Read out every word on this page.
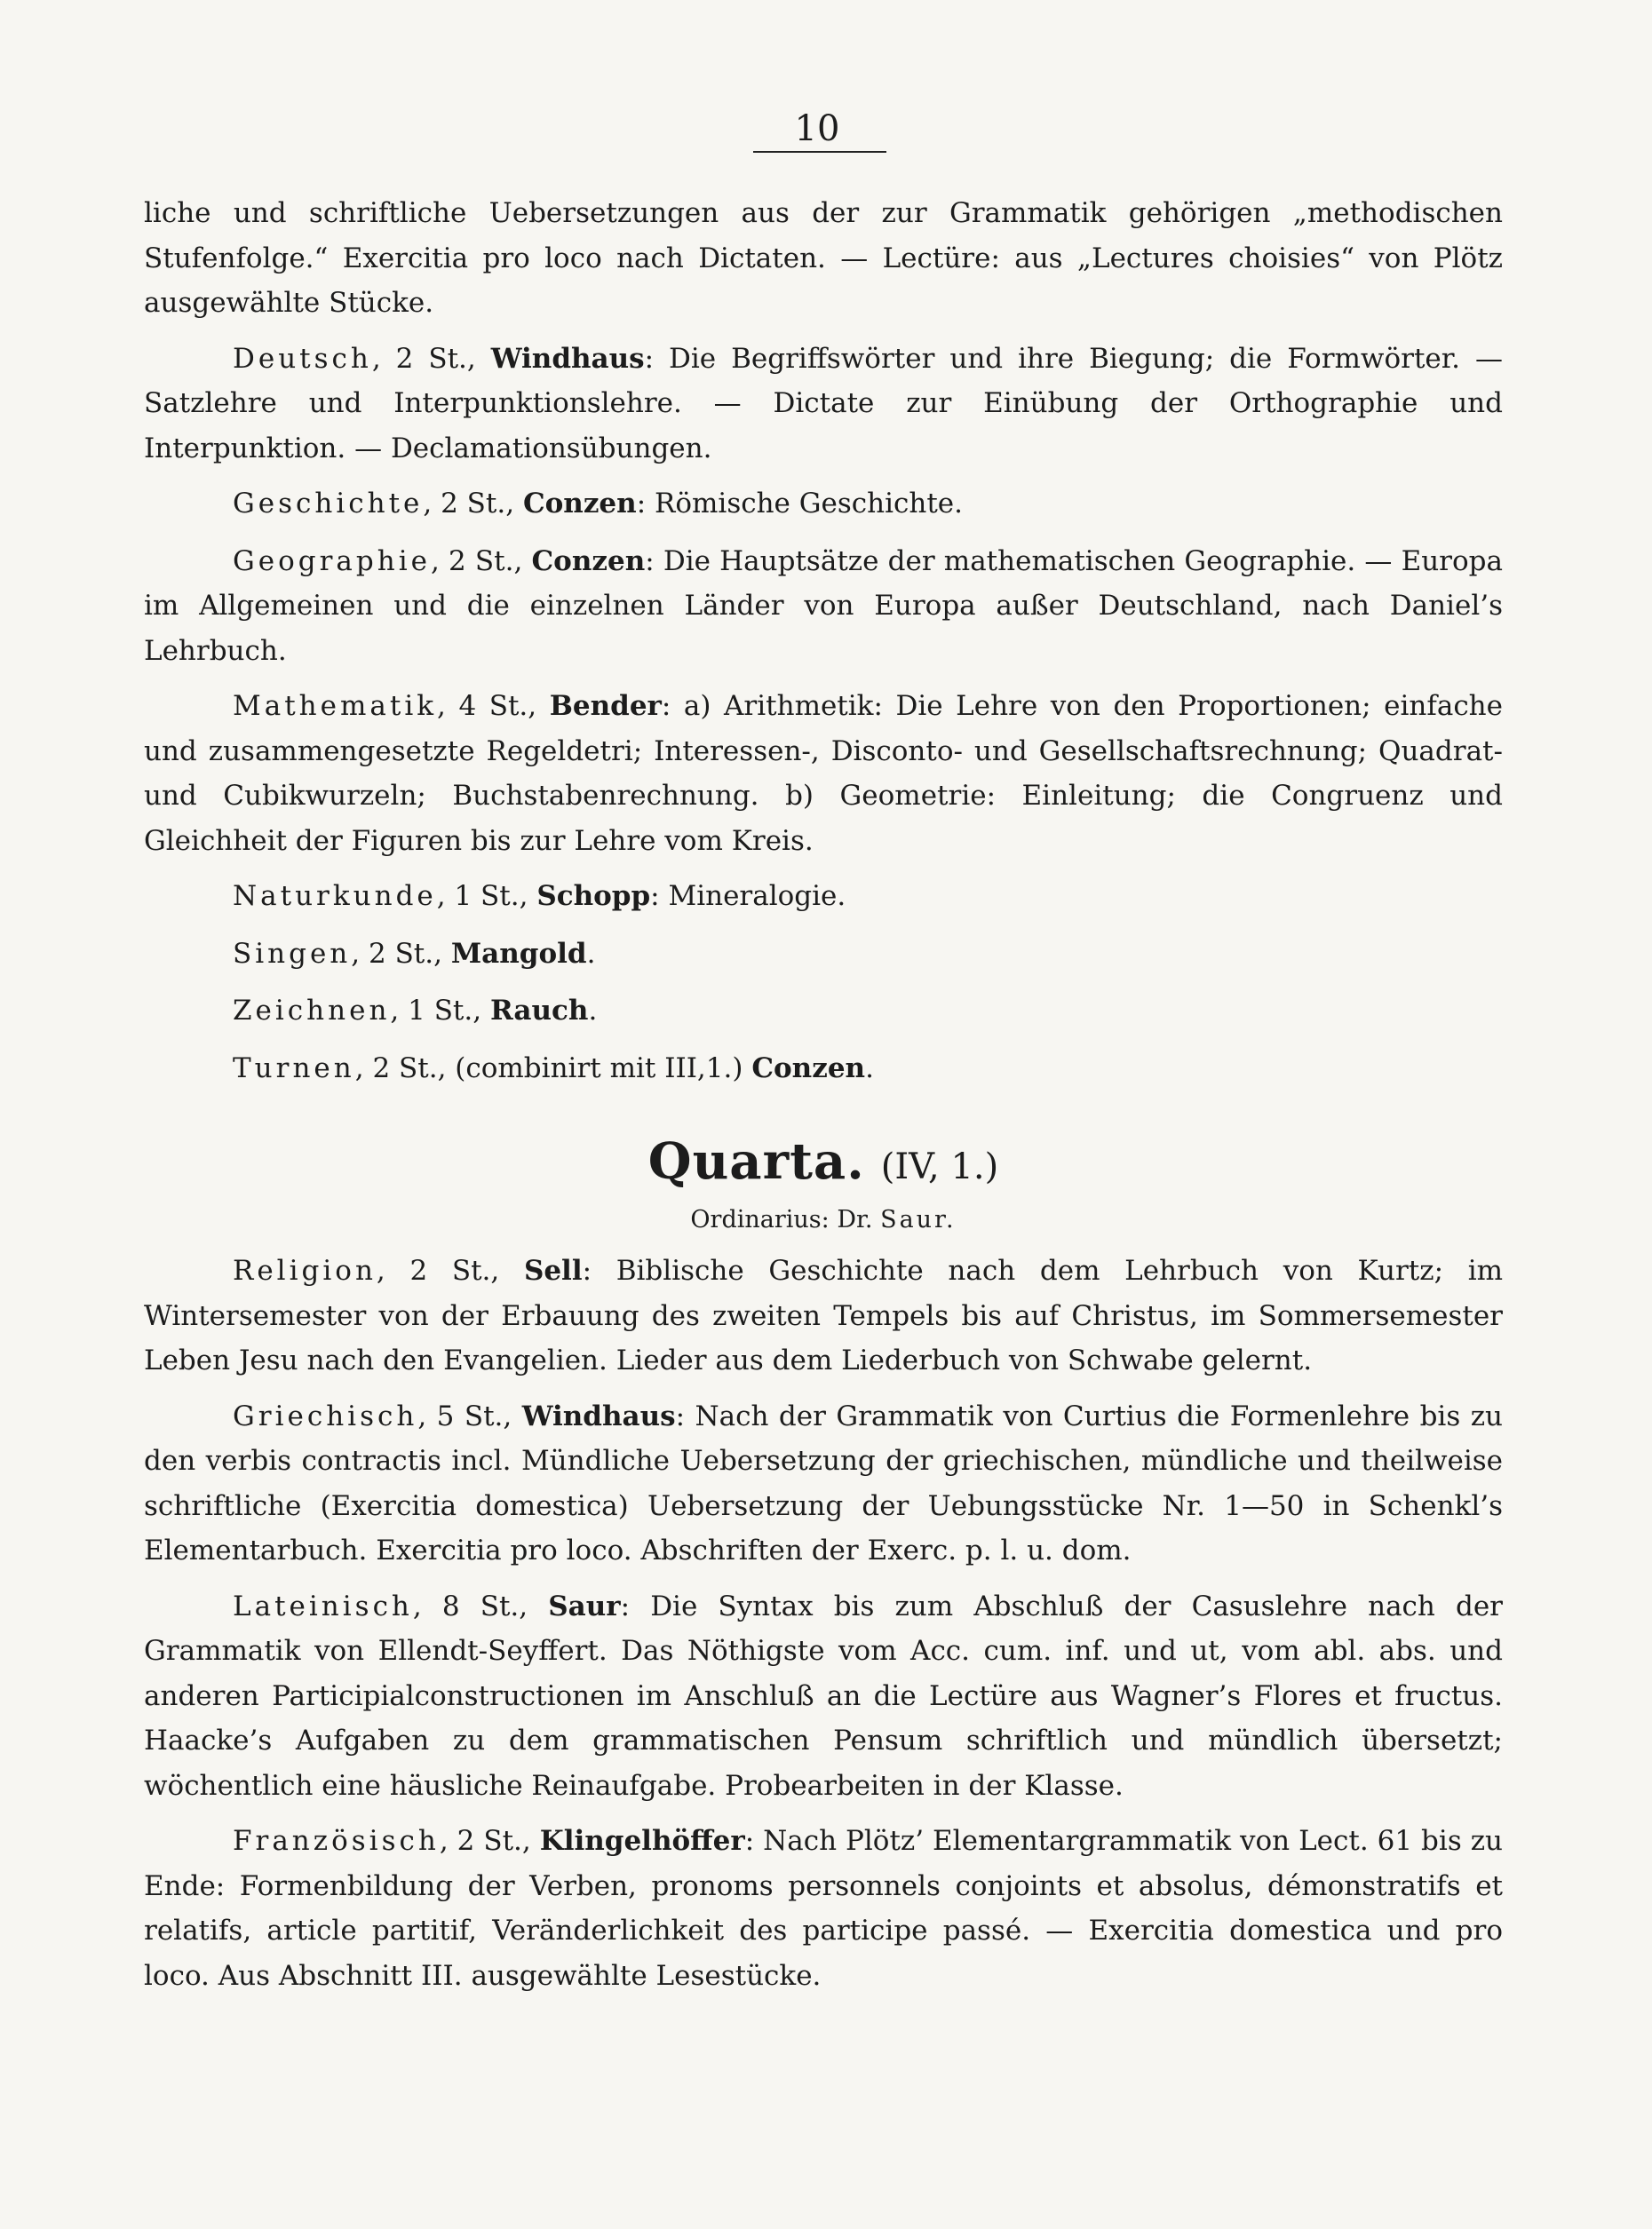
10

liche und schriftliche Uebersetzungen aus der zur Grammatik gehörigen „methodischen Stufenfolge.“ Exercitia pro loco nach Dictaten. — Lectüre: aus „Lectures choisies“ von Plötz ausgewählte Stücke.

Deutsch, 2 St., Windhaus: Die Begriffswörter und ihre Biegung; die Formwörter. — Satzlehre und Interpunktionslehre. — Dictate zur Einübung der Orthographie und Interpunktion. — Declamationsübungen.

Geschichte, 2 St., Conzen: Römische Geschichte.

Geographie, 2 St., Conzen: Die Hauptsätze der mathematischen Geographie. — Europa im Allgemeinen und die einzelnen Länder von Europa außer Deutschland, nach Daniel’s Lehrbuch.

Mathematik, 4 St., Bender: a) Arithmetik: Die Lehre von den Proportionen; einfache und zusammengesetzte Regeldetri; Interessen-, Disconto- und Gesellschaftsrechnung; Quadrat- und Cubikwurzeln; Buchstabenrechnung. b) Geometrie: Einleitung; die Congruenz und Gleichheit der Figuren bis zur Lehre vom Kreis.

Naturkunde, 1 St., Schopp: Mineralogie.

Singen, 2 St., Mangold.

Zeichnen, 1 St., Rauch.

Turnen, 2 St., (combinirt mit III,1.) Conzen.

Quarta. (IV, 1.)
Ordinarius: Dr. Saur.

Religion, 2 St., Sell: Biblische Geschichte nach dem Lehrbuch von Kurtz; im Wintersemester von der Erbauung des zweiten Tempels bis auf Christus, im Sommersemester Leben Jesu nach den Evangelien. Lieder aus dem Liederbuch von Schwabe gelernt.

Griechisch, 5 St., Windhaus: Nach der Grammatik von Curtius die Formenlehre bis zu den verbis contractis incl. Mündliche Uebersetzung der griechischen, mündliche und theilweise schriftliche (Exercitia domestica) Uebersetzung der Uebungsstücke Nr. 1—50 in Schenkl’s Elementarbuch. Exercitia pro loco. Abschriften der Exerc. p. l. u. dom.

Lateinisch, 8 St., Saur: Die Syntax bis zum Abschluß der Casuslehre nach der Grammatik von Ellendt-Seyffert. Das Nöthigste vom Acc. cum. inf. und ut, vom abl. abs. und anderen Participialconstructionen im Anschluß an die Lectüre aus Wagner’s Flores et fructus. Haacke’s Aufgaben zu dem grammatischen Pensum schriftlich und mündlich übersetzt; wöchentlich eine häusliche Reinaufgabe. Probearbeiten in der Klasse.

Französisch, 2 St., Klingelhöffer: Nach Plötz’ Elementargrammatik von Lect. 61 bis zu Ende: Formenbildung der Verben, pronoms personnels conjoints et absolus, démonstratifs et relatifs, article partitif, Veränderlichkeit des participe passé. — Exercitia domestica und pro loco. Aus Abschnitt III. ausgewählte Lesestücke.
